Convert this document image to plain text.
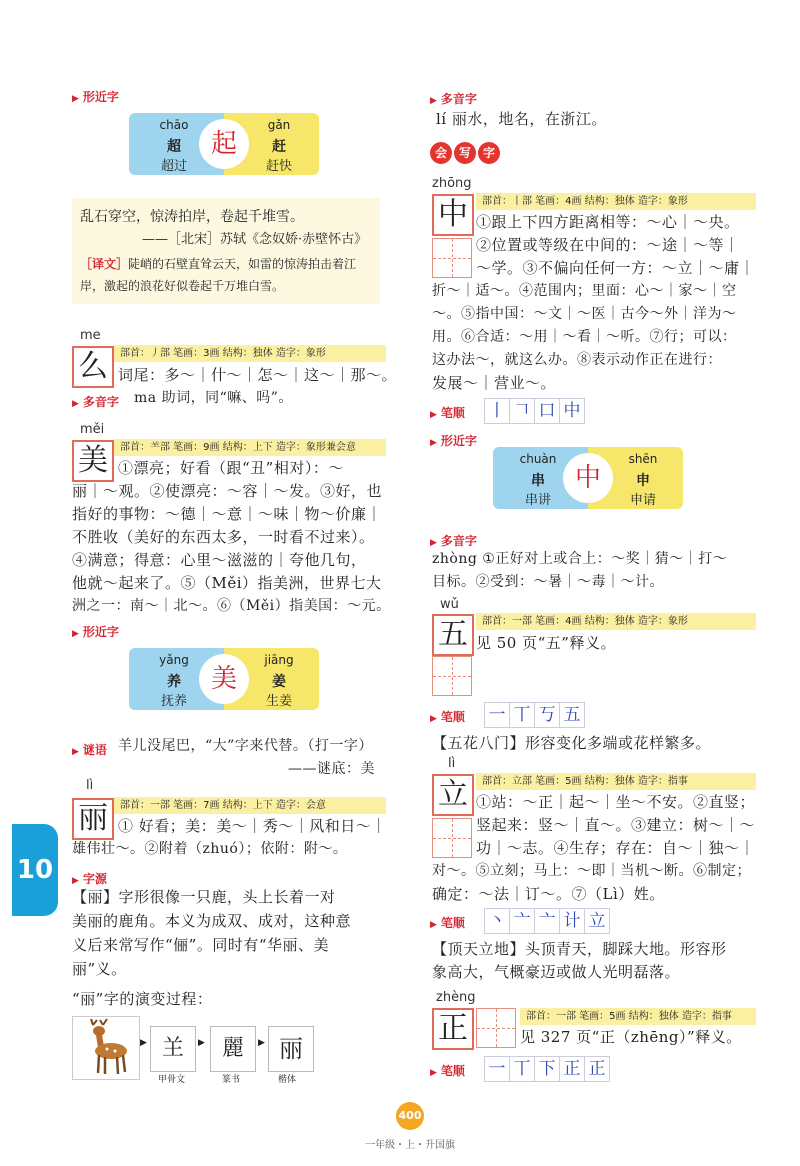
▶ 形近字
chāo
超
超过
起
gǎn
赶
赶快
乱石穿空，惊涛拍岸，卷起千堆雪。
——［北宋］苏轼《念奴娇·赤壁怀古》
［译文］陡峭的石壁直耸云天，如雷的惊涛拍击着江岸，激起的浪花好似卷起千万堆白雪。
me
么	部首：丿部 笔画：3画 结构：独体 造字：象形
词尾：多～｜什～｜怎～｜这～｜那～。
▶ 多音字 ma 助词，同“嘛、吗”。
měi
美	部首：⺷部 笔画：9画 结构：上下 造字：象形兼会意
①漂亮；好看（跟“丑”相对）：～
丽｜～观。②使漂亮：～容｜～发。③好，也
指好的事物：～德｜～意｜～味｜物～价廉｜
不胜收（美好的东西太多，一时看不过来）。
④满意；得意：心里～滋滋的｜夸他几句，
他就～起来了。⑤（Měi）指美洲，世界七大
洲之一：南～｜北～。⑥（Měi）指美国：～元。
▶ 形近字
yǎng
养
抚养
美
jiāng
姜
生姜
▶ 谜语 羊儿没尾巴，“大”字来代替。（打一字）
——谜底：美
lì
丽	部首：一部 笔画：7画 结构：上下 造字：会意
① 好看；美：美～｜秀～｜风和日～｜
雄伟壮～。②附着（zhuó）；依附：附～。
10
▶	字源
【丽】字形很像一只鹿，头上长着一对
美丽的鹿角。本义为成双、成对，这种意
义后来常写作“俪”。同时有“华丽、美
丽”义。
“丽”字的演变过程：
▶ 𦍌
甲骨文
▶ 麗
篆书
▶ 丽
楷体
▶ 多音字
lí 丽水，地名，在浙江。
会 写 字
zhōng
中	部首：丨部 笔画：4画 结构：独体 造字：象形
①跟上下四方距离相等：～心｜～央。
②位置或等级在中间的：～途｜～等｜
～学。③不偏向任何一方：～立｜～庸｜
折～｜适～。④范围内；里面：心～｜家～｜空
～。⑤指中国：～文｜～医｜古今～外｜洋为～
用。⑥合适：～用｜～看｜～听。⑦行；可以：
这办法～，就这么办。⑧表示动作正在进行：
发展～｜营业～。
▶ 笔顺 丨 𠃍 口 中
▶ 形近字
chuàn
串
串讲
中
shēn
申
申请
▶ 多音字
zhòng ①正好对上或合上：～奖｜猜～｜打～
目标。②受到：～暑｜～毒｜～计。
wǔ
五	部首：一部 笔画：4画 结构：独体 造字：象形
见 50 页“五”释义。
▶ 笔顺 一 丅 丂 五
【五花八门】形容变化多端或花样繁多。
lì
立	部首：立部 笔画：5画 结构：独体 造字：指事
①站：～正｜起～｜坐～不安。②直竖；
竖起来：竖～｜直～。③建立：树～｜～
功｜～志。④生存；存在：自～｜独～｜
对～。⑤立刻；马上：～即｜当机～断。⑥制定；
确定：～法｜订～。⑦（Lì）姓。
▶ 笔顺 丶 亠 亠 计 立
【顶天立地】头顶青天，脚踩大地。形容形
象高大，气概豪迈或做人光明磊落。
zhèng
正	部首：一部 笔画：5画 结构：独体 造字：指事
见 327 页“正（zhēng）”释义。
▶ 笔顺 一 丅 下 正 正
400
一年级・上・升国旗
